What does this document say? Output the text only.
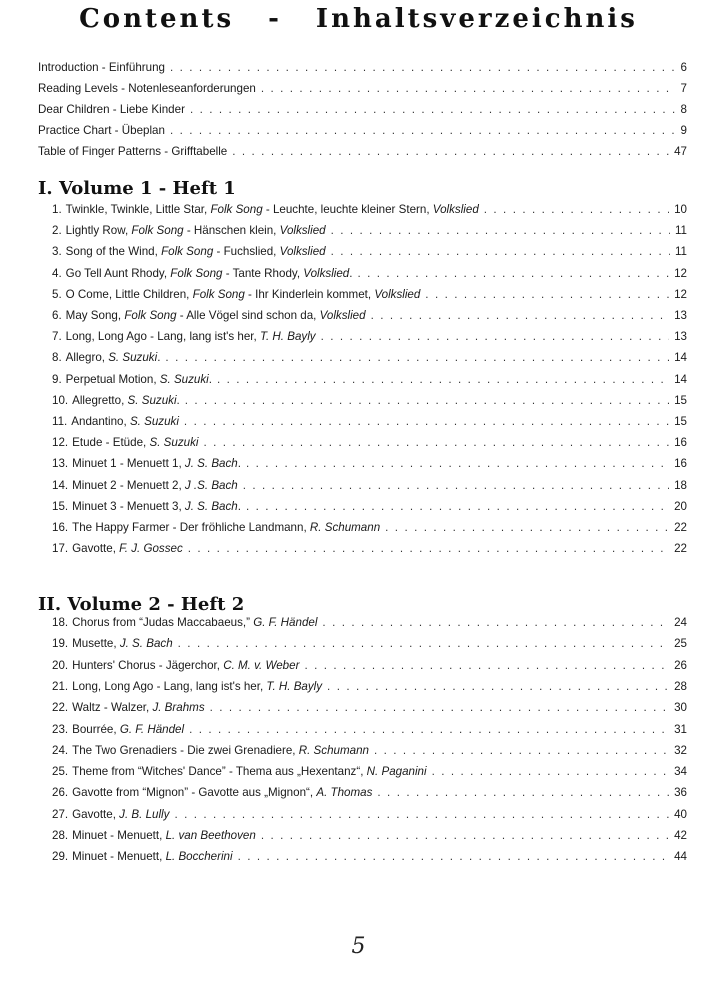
Contents - Inhaltsverzeichnis
Introduction - Einführung . . .	6
Reading Levels - Notenleseanforderungen . . .	7
Dear Children - Liebe Kinder . . .	8
Practice Chart - Übeplan . . .	9
Table of Finger Patterns - Grifftabelle . . .	47
I. Volume 1 - Heft 1
1. Twinkle, Twinkle, Little Star, Folk Song - Leuchte, leuchte kleiner Stern, Volkslied . . .	10
2. Lightly Row, Folk Song - Hänschen klein, Volkslied . . .	11
3. Song of the Wind, Folk Song - Fuchslied, Volkslied . . .	11
4. Go Tell Aunt Rhody, Folk Song - Tante Rhody, Volkslied. . . .	12
5. O Come, Little Children, Folk Song - Ihr Kinderlein kommet, Volkslied . . .	12
6. May Song, Folk Song - Alle Vögel sind schon da, Volkslied . . .	13
7. Long, Long Ago - Lang, lang ist's her, T. H. Bayly . . .	13
8. Allegro, S. Suzuki. . . .	14
9. Perpetual Motion, S. Suzuki. . . .	14
10. Allegretto, S. Suzuki. . . .	15
11. Andantino, S. Suzuki . . .	15
12. Etude - Etüde, S. Suzuki . . .	16
13. Minuet 1 - Menuett 1, J. S. Bach. . . .	16
14. Minuet 2 - Menuett 2, J .S. Bach . . .	18
15. Minuet 3 - Menuett 3, J. S. Bach. . . .	20
16. The Happy Farmer - Der fröhliche Landmann, R. Schumann . . .	22
17. Gavotte, F. J. Gossec . . .	22
II. Volume 2 - Heft 2
18. Chorus from “Judas Maccabaeus,” G. F. Händel . . .	24
19. Musette, J. S. Bach . . .	25
20. Hunters' Chorus - Jägerchor, C. M. v. Weber . . .	26
21. Long, Long Ago - Lang, lang ist's her, T. H. Bayly . . .	28
22. Waltz - Walzer, J. Brahms . . .	30
23. Bourrée, G. F. Händel . . .	31
24. The Two Grenadiers - Die zwei Grenadiere, R. Schumann . . .	32
25. Theme from “Witches' Dance” - Thema aus „Hexentanz“, N. Paganini . . .	34
26. Gavotte from “Mignon” - Gavotte aus „Mignon“, A. Thomas . . .	36
27. Gavotte, J. B. Lully . . .	40
28. Minuet - Menuett, L. van Beethoven . . .	42
29. Minuet - Menuett, L. Boccherini . . .	44
5
